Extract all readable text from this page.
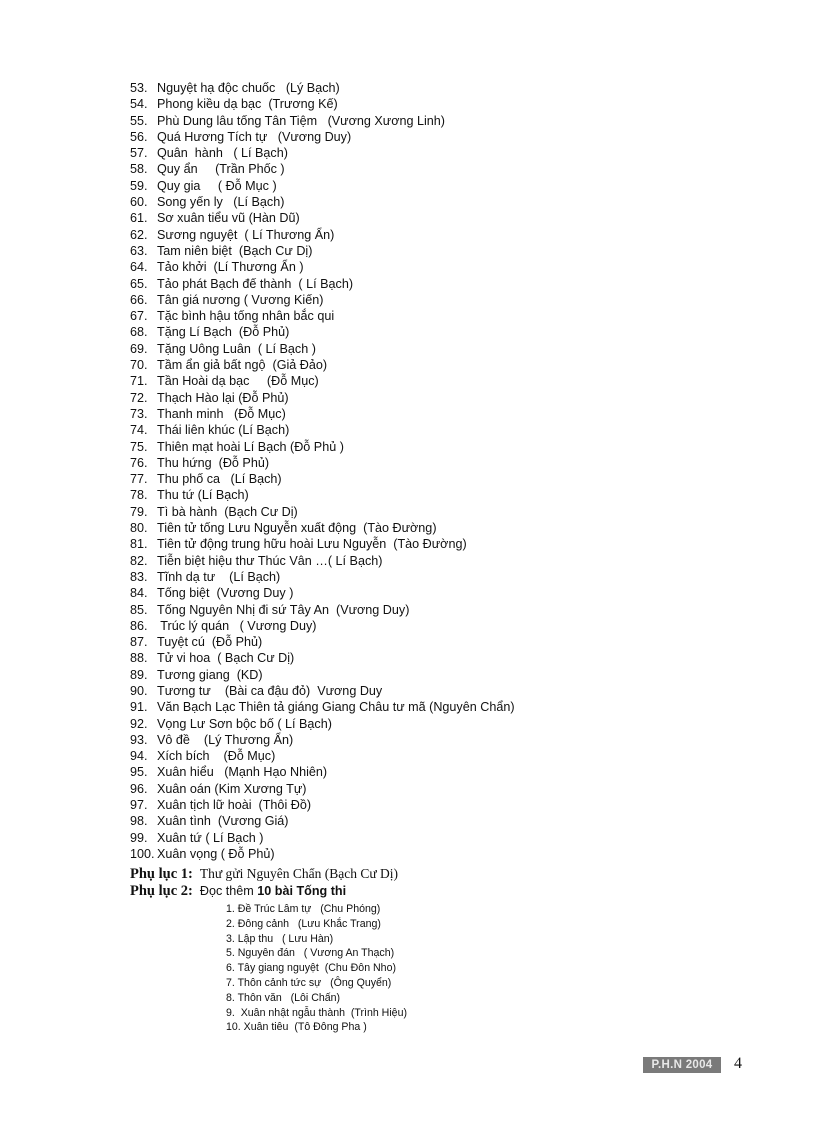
53. Nguyệt hạ độc chuốc   (Lý Bạch)
54. Phong kiều dạ bạc  (Trương Kế)
55. Phù Dung lâu tống Tân Tiệm   (Vương Xương Linh)
56. Quá Hương Tích tự   (Vương Duy)
57. Quân  hành   ( Lí Bạch)
58. Quy ẩn     (Trần Phốc )
59. Quy gia     ( Đỗ Mục )
60. Song yến ly   (Lí Bạch)
61. Sơ xuân tiểu vũ (Hàn Dũ)
62. Sương nguyệt  ( Lí Thương Ẩn)
63. Tam niên biệt  (Bạch Cư Dị)
64. Tảo khởi  (Lí Thương Ẩn )
65. Tảo phát Bạch đế thành  ( Lí Bạch)
66. Tân giá nương ( Vương Kiến)
67. Tặc bình hậu tống nhân bắc qui
68. Tặng Lí Bạch  (Đỗ Phủ)
69. Tặng Uông Luân  ( Lí Bạch )
70. Tầm ẩn giả bất ngộ  (Giả Đảo)
71. Tần Hoài dạ bạc     (Đỗ Mục)
72. Thạch Hào lại (Đỗ Phủ)
73. Thanh minh   (Đỗ Mục)
74. Thái liên khúc (Lí Bạch)
75. Thiên mạt hoài Lí Bạch (Đỗ Phủ )
76. Thu hứng  (Đỗ Phủ)
77. Thu phố ca   (Lí Bạch)
78. Thu tứ (Lí Bạch)
79. Tì bà hành  (Bạch Cư Dị)
80. Tiên tử tống Lưu Nguyễn xuất động  (Tào Đường)
81. Tiên tử động trung hữu hoài Lưu Nguyễn  (Tào Đường)
82. Tiễn biệt hiệu thư Thúc Vân …( Lí Bạch)
83. Tĩnh dạ tư    (Lí Bạch)
84. Tống biệt  (Vương Duy )
85. Tống Nguyên Nhị đi sứ Tây An  (Vương Duy)
86. Trúc lý quán   ( Vương Duy)
87. Tuyệt cú  (Đỗ Phủ)
88. Tử vi hoa  ( Bạch Cư Dị)
89. Tương giang  (KD)
90. Tương tư    (Bài ca đậu đỏ)  Vương Duy
91. Văn Bạch Lạc Thiên tả giáng Giang Châu tư mã (Nguyên Chẩn)
92. Vọng Lư Sơn bộc bố ( Lí Bạch)
93. Vô đề    (Lý Thương Ẩn)
94. Xích bích    (Đỗ Mục)
95. Xuân hiểu   (Mạnh Hạo Nhiên)
96. Xuân oán (Kim Xương Tự)
97. Xuân tịch lữ hoài  (Thôi Đồ)
98. Xuân tình  (Vương Giá)
99. Xuân tứ ( Lí Bạch )
100. Xuân vọng ( Đỗ Phủ)
Phụ lục 1: Thư gửi Nguyên Chẩn (Bạch Cư Dị)
Phụ lục 2: Đọc thêm 10 bài Tống thi
1. Đề Trúc Lâm tự   (Chu Phóng)
2. Đông cảnh   (Lưu Khắc Trang)
3. Lập thu   ( Lưu Hàn)
5. Nguyên đán   ( Vương An Thạch)
6. Tây giang nguyệt  (Chu Đôn Nho)
7. Thôn cảnh tức sự   (Ông Quyển)
8. Thôn văn   (Lôi Chấn)
9.  Xuân nhật ngẫu thành  (Trình Hiệu)
10. Xuân tiêu  (Tô Đông Pha )
P.H.N 2004	4
